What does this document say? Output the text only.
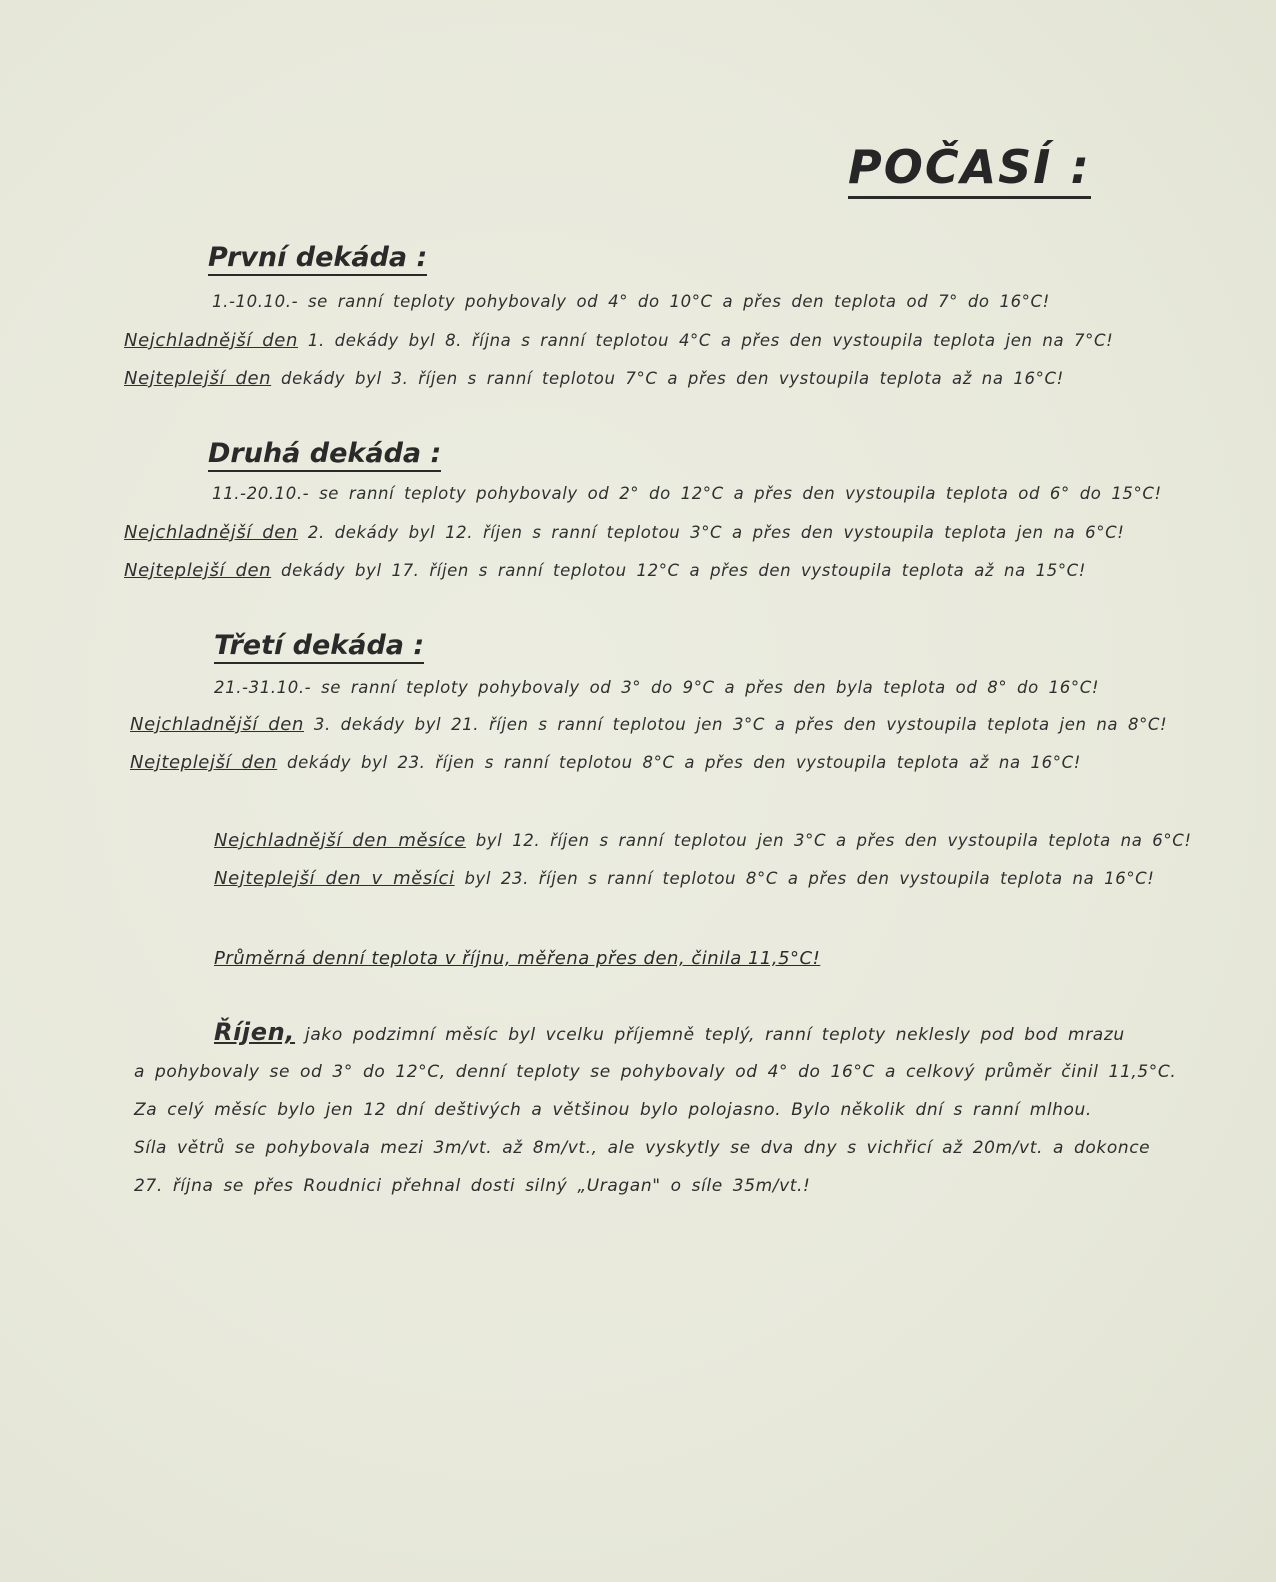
POČASÍ :
První dekáda :
1.-10.10.- se ranní teploty pohybovaly od 4° do 10°C a přes den teplota od 7° do 16°C!
Nejchladnější den 1. dekády byl 8. října s ranní teplotou 4°C a přes den vystoupila teplota jen na 7°C!
Nejteplejší den dekády byl 3. říjen s ranní teplotou 7°C a přes den vystoupila teplota až na 16°C!
Druhá dekáda :
11.-20.10.- se ranní teploty pohybovaly od 2° do 12°C a přes den vystoupila teplota od 6° do 15°C!
Nejchladnější den 2. dekády byl 12. říjen s ranní teplotou 3°C a přes den vystoupila teplota jen na 6°C!
Nejteplejší den dekády byl 17. říjen s ranní teplotou 12°C a přes den vystoupila teplota až na 15°C!
Třetí dekáda :
21.-31.10.- se ranní teploty pohybovaly od 3° do 9°C a přes den byla teplota od 8° do 16°C!
Nejchladnější den 3. dekády byl 21. říjen s ranní teplotou jen 3°C a přes den vystoupila teplota jen na 8°C!
Nejteplejší den dekády byl 23. říjen s ranní teplotou 8°C a přes den vystoupila teplota až na 16°C!
Nejchladnější den měsíce byl 12. říjen s ranní teplotou jen 3°C a přes den vystoupila teplota na 6°C!
Nejteplejší den v měsíci byl 23. říjen s ranní teplotou 8°C a přes den vystoupila teplota na 16°C!
Průměrná denní teplota v říjnu, měřena přes den, činila 11,5°C!
Říjen, jako podzimní měsíc byl vcelku příjemně teplý, ranní teploty neklesly pod bod mrazu
a pohybovaly se od 3° do 12°C, denní teploty se pohybovaly od 4° do 16°C a celkový průměr činil 11,5°C.
Za celý měsíc bylo jen 12 dní deštivých a většinou bylo polojasno. Bylo několik dní s ranní mlhou.
Síla větrů se pohybovala mezi 3m/vt. až 8m/vt., ale vyskytly se dva dny s vichřicí až 20m/vt. a dokonce
27. října se přes Roudnici přehnal dosti silný „Uragan" o síle 35m/vt.!
